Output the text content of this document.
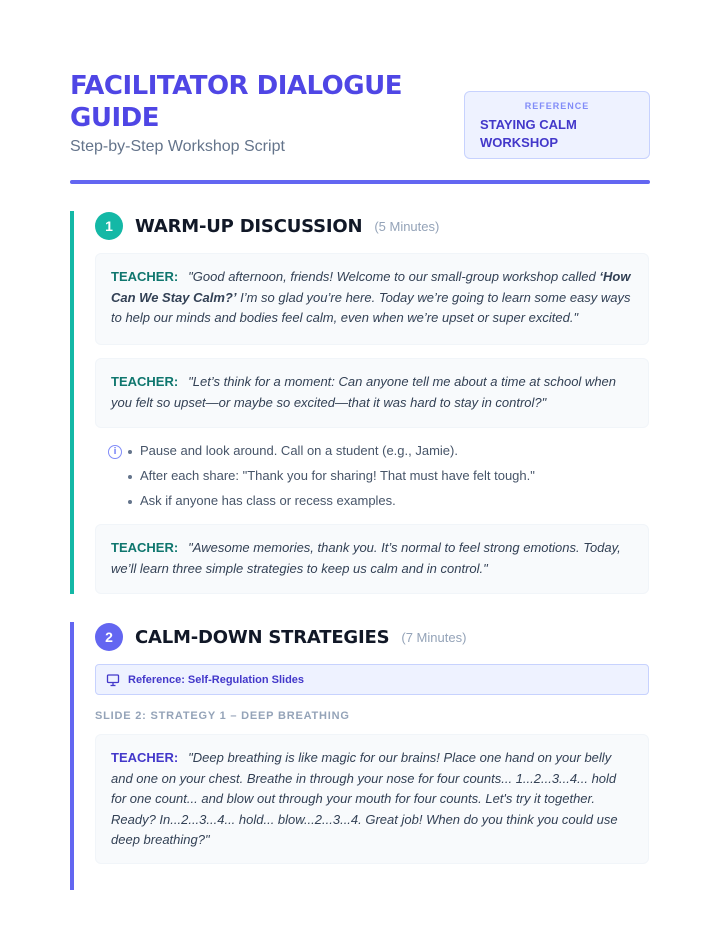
FACILITATOR DIALOGUE GUIDE
Step-by-Step Workshop Script
REFERENCE
STAYING CALM WORKSHOP
1	WARM-UP DISCUSSION (5 Minutes)
TEACHER: "Good afternoon, friends! Welcome to our small-group workshop called ‘How Can We Stay Calm?’ I’m so glad you’re here. Today we’re going to learn some easy ways to help our minds and bodies feel calm, even when we’re upset or super excited."
TEACHER: "Let’s think for a moment: Can anyone tell me about a time at school when you felt so upset—or maybe so excited—that it was hard to stay in control?"
i	Pause and look around. Call on a student (e.g., Jamie).
After each share: "Thank you for sharing! That must have felt tough."
Ask if anyone has class or recess examples.
TEACHER: "Awesome memories, thank you. It’s normal to feel strong emotions. Today, we’ll learn three simple strategies to keep us calm and in control."
2	CALM-DOWN STRATEGIES (7 Minutes)
Reference: Self-Regulation Slides
SLIDE 2: STRATEGY 1 – DEEP BREATHING
TEACHER: "Deep breathing is like magic for our brains! Place one hand on your belly and one on your chest. Breathe in through your nose for four counts... 1...2...3...4... hold for one count... and blow out through your mouth for four counts. Let's try it together. Ready? In...2...3...4... hold... blow...2...3...4. Great job! When do you think you could use deep breathing?"
